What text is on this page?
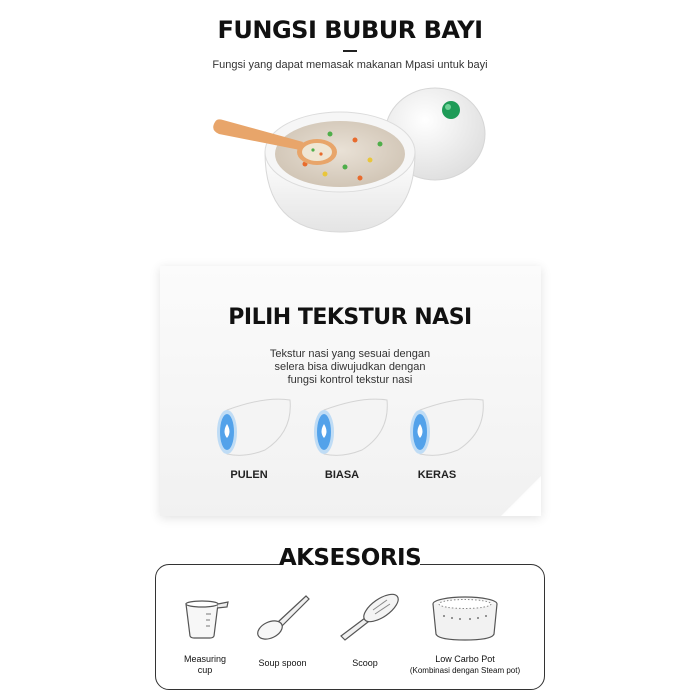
FUNGSI BUBUR BAYI
Fungsi yang dapat memasak makanan Mpasi untuk bayi
PILIH TEKSTUR NASI
Tekstur nasi yang sesuai dengan
selera bisa diwujudkan dengan
fungsi kontrol tekstur nasi
PULEN	BIASA	KERAS
AKSESORIS
Measuring
cup
Soup spoon	Scoop	Low Carbo Pot
(Kombinasi dengan Steam pot)
